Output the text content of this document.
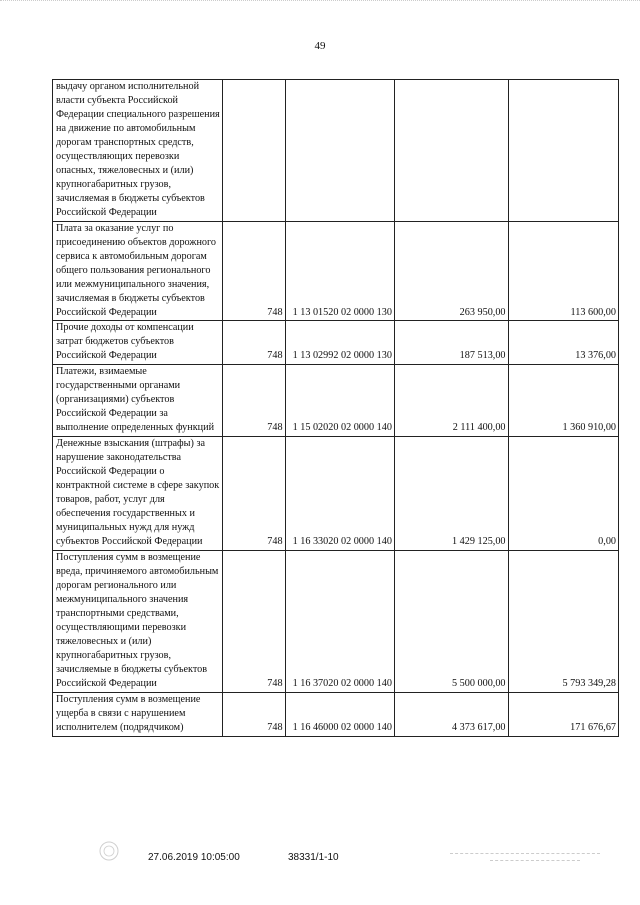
49
выдачу органом исполнительной власти субъекта Российской Федерации специального разрешения на движение по автомобильным дорогам транспортных средств, осуществляющих перевозки опасных, тяжеловесных и (или) крупногабаритных грузов, зачисляемая в бюджеты субъектов Российской Федерации				
Плата за оказание услуг по присоединению объектов дорожного сервиса к автомобильным дорогам общего пользования регионального или межмуниципального значения, зачисляемая в бюджеты субъектов Российской Федерации	748	1 13 01520 02 0000 130	263 950,00	113 600,00
Прочие доходы от компенсации затрат бюджетов субъектов Российской Федерации	748	1 13 02992 02 0000 130	187 513,00	13 376,00
Платежи, взимаемые государственными органами (организациями) субъектов Российской Федерации за выполнение определенных функций	748	1 15 02020 02 0000 140	2 111 400,00	1 360 910,00
Денежные взыскания (штрафы) за нарушение законодательства Российской Федерации о контрактной системе в сфере закупок товаров, работ, услуг для обеспечения государственных и муниципальных нужд для нужд субъектов Российской Федерации	748	1 16 33020 02 0000 140	1 429 125,00	0,00
Поступления сумм в возмещение вреда, причиняемого автомобильным дорогам регионального или межмуниципального значения транспортными средствами, осуществляющими перевозки тяжеловесных и (или) крупногабаритных грузов, зачисляемые в бюджеты субъектов Российской Федерации	748	1 16 37020 02 0000 140	5 500 000,00	5 793 349,28
Поступления сумм в возмещение ущерба в связи с нарушением исполнителем (подрядчиком)	748	1 16 46000 02 0000 140	4 373 617,00	171 676,67
27.06.2019 10:05:00	38331/1-10
